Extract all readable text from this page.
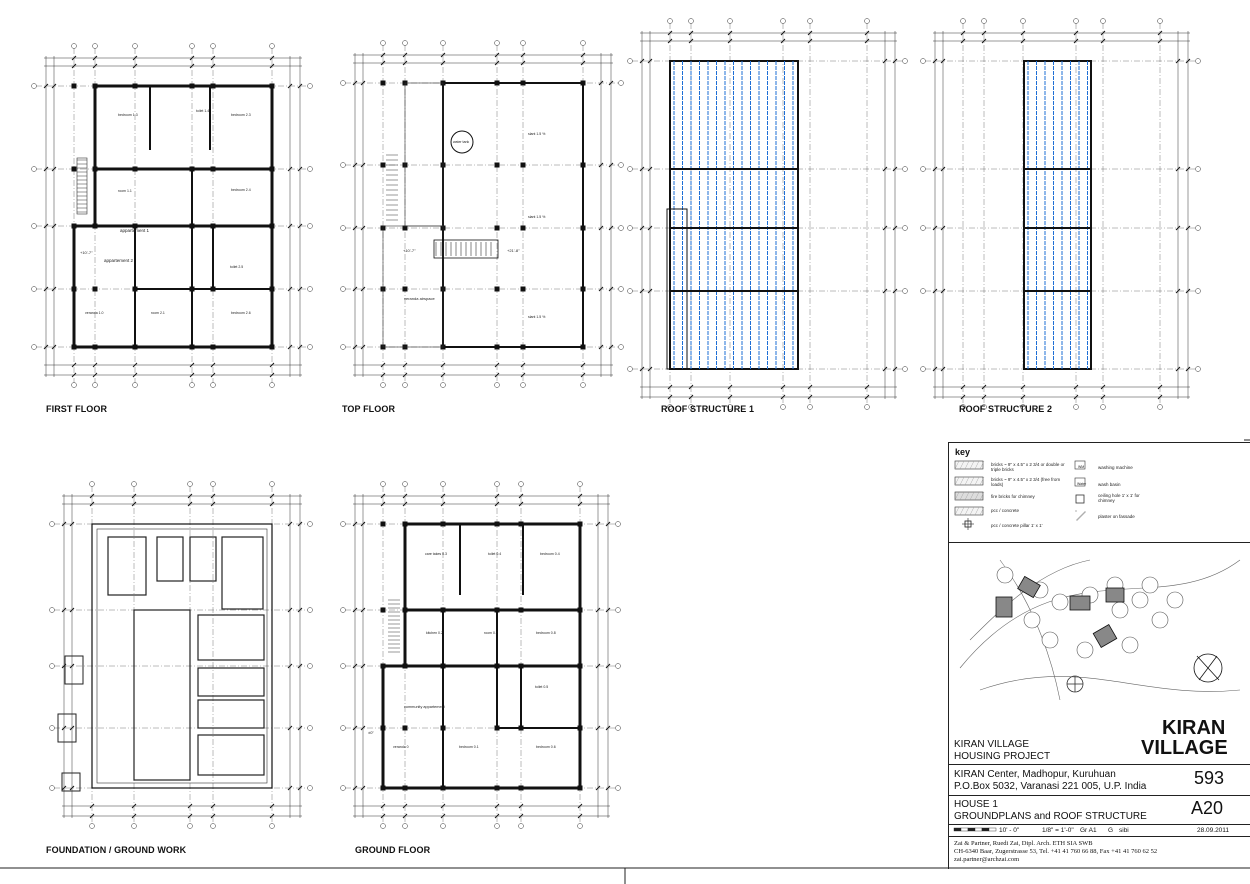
bedroom 1.3
toilet 1.4
bedroom 2.3
room 1.1	bedroom 2.4
appartement 1
appartement 2
veranda 1.0	room 2.1	bedroom 2.6
toilet 2.5
+10'-7"
water tank
veranda airspace
slant 1.5 %
slant 1.5 %
slant 1.5 %
+10'-7"	+21'-8"
care takes 0.3	toilet 0.4	bedroom 0.4
kitchen 0.2	room 0.7	bedroom 0.8
community appartement
veranda 0	bedroom 0.1	bedroom 0.6
toilet 0.5
±0"
FIRST FLOOR	TOP FLOOR	ROOF STRUCTURE 1	ROOF STRUCTURE 2
FOUNDATION / GROUND WORK	GROUND FLOOR
key
bricks ~ 9" x 4.5" x 2 3/4 or double or triple bricks
bricks ~ 9" x 4.5" x 2 3/4 (free from loads)
fire bricks for chimney
pcc / concrete
pcc / concrete pillar 1' x 1'
washing machine
wash basin
ceiling hole 1' x 1' for chimney
plaster on fassade
WM
Water
KIRAN
VILLAGE
KIRAN VILLAGE
HOUSING PROJECT
KIRAN Center, Madhopur, Kuruhuan
P.O.Box 5032, Varanasi 221 005, U.P. India	593
HOUSE 1
GROUNDPLANS and ROOF STRUCTURE A20
10' - 0"	1/8" = 1'-0" Gr A1 G sibi	28.09.2011
Zai & Partner, Ruedi Zai, Dipl. Arch. ETH SIA SWB
CH-6340 Baar, Zugerstrasse 53, Tel. +41 41 760 66 88, Fax +41 41 760 62 52
zai.partner@archzai.com
